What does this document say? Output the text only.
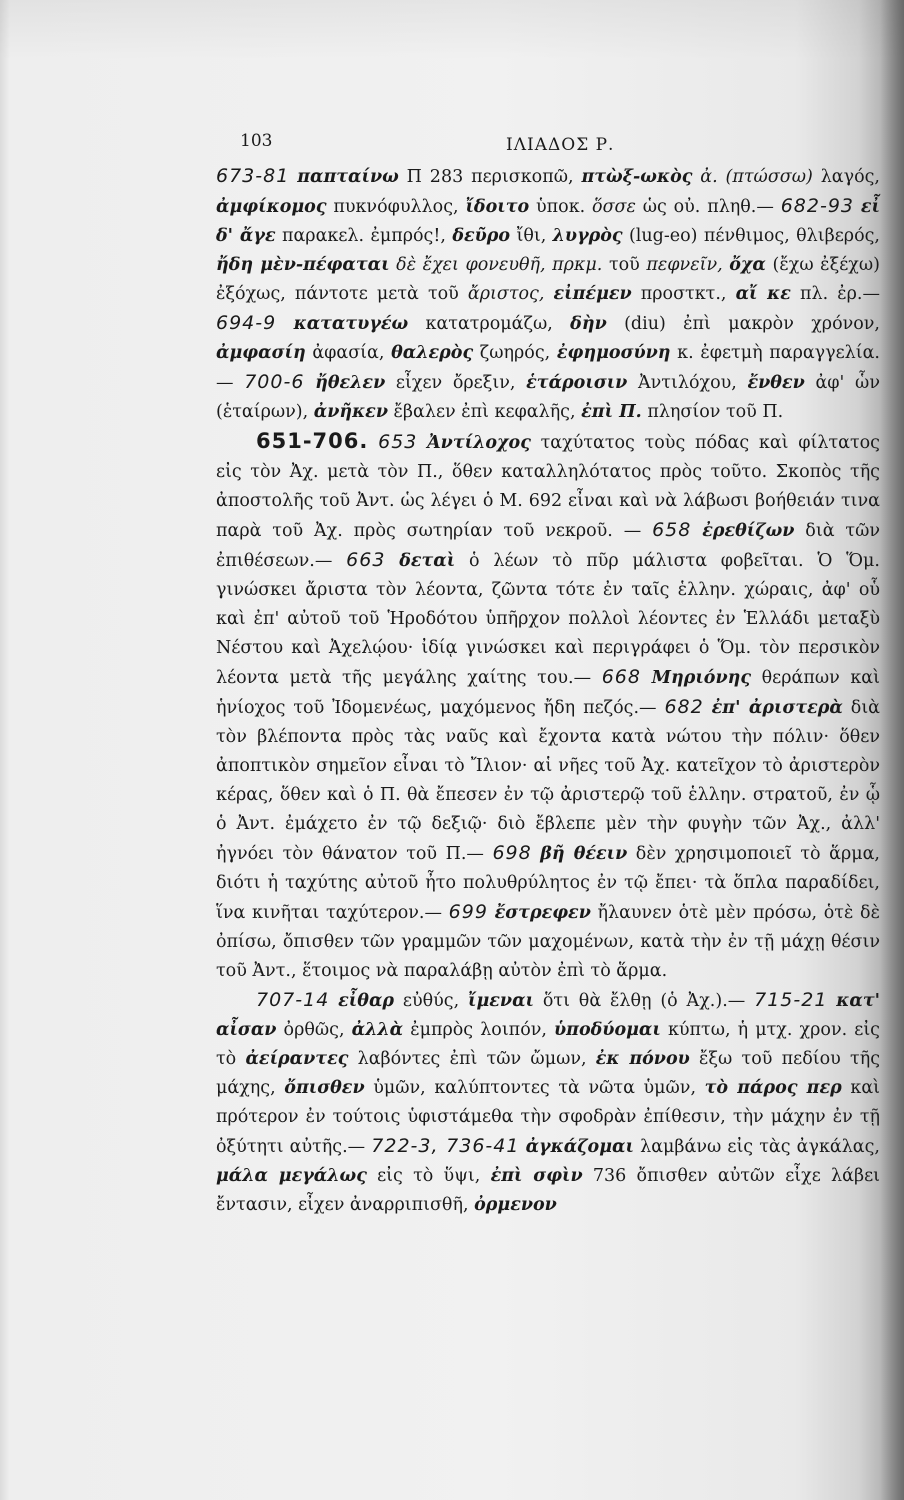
103	ΙΛΙΑΔΟΣ Ρ.

673-81 παπταίνω Π 283 περισκοπῶ, πτὼξ-ωκὸς ἀ. (πτώσσω) λαγός, ἀμφίκομος πυκνόφυλλος, ἴδοιτο ὑποκ. ὅσσε ὡς οὐ. πληθ.— 682-93 εἶ δ' ἄγε παρακελ. ἐμπρός!, δεῦρο ἴθι, λυγρὸς (lug-eo) πένθιμος, θλιβερός, ἤδη μὲν-πέφαται δὲ ἔχει φονευθῆ, πρκμ. τοῦ πεφνεῖν, ὄχα (ἔχω ἐξέχω) ἐξόχως, πάντοτε μετὰ τοῦ ἄριστος, εἰπέμεν προστκτ., αἴ κε πλ. ἐρ.— 694-9 κατατυγέω κατατρομάζω, δὴν (diu) ἐπὶ μακρὸν χρόνον, ἀμφασίη ἀφασία, θαλερὸς ζωηρός, ἐφημοσύνη κ. ἐφετμὴ παραγγελία.— 700-6 ἤθελεν εἶχεν ὄρεξιν, ἑτάροισιν Ἀντιλόχου, ἔνθεν ἀφ' ὧν (ἑταίρων), ἀνῆκεν ἔβαλεν ἐπὶ κεφαλῆς, ἐπὶ Π. πλησίον τοῦ Π.

651-706. 653 Ἀντίλοχος ταχύτατος τοὺς πόδας καὶ φίλτατος εἰς τὸν Ἀχ. μετὰ τὸν Π., ὅθεν καταλληλότατος πρὸς τοῦτο. Σκοπὸς τῆς ἀποστολῆς τοῦ Ἀντ. ὡς λέγει ὁ Μ. 692 εἶναι καὶ νὰ λάβωσι βοήθειάν τινα παρὰ τοῦ Ἀχ. πρὸς σωτηρίαν τοῦ νεκροῦ. — 658 ἐρεθίζων διὰ τῶν ἐπιθέσεων.— 663 δεταὶ ὁ λέων τὸ πῦρ μάλιστα φοβεῖται. Ὁ Ὅμ. γινώσκει ἄριστα τὸν λέοντα, ζῶντα τότε ἐν ταῖς ἑλλην. χώραις, ἀφ' οὗ καὶ ἐπ' αὐτοῦ τοῦ Ἡροδότου ὑπῆρχον πολλοὶ λέοντες ἐν Ἑλλάδι μεταξὺ Νέστου καὶ Ἀχελῴου· ἰδίᾳ γινώσκει καὶ περιγράφει ὁ Ὅμ. τὸν περσικὸν λέοντα μετὰ τῆς μεγάλης χαίτης του.— 668 Μηριόνης θεράπων καὶ ἡνίοχος τοῦ Ἰδομενέως, μαχόμενος ἤδη πεζός.— 682 ἐπ' ἀριστερὰ διὰ τὸν βλέποντα πρὸς τὰς ναῦς καὶ ἔχοντα κατὰ νώτου τὴν πόλιν· ὅθεν ἀποπτικὸν σημεῖον εἶναι τὸ Ἴλιον· αἱ νῆες τοῦ Ἀχ. κατεῖχον τὸ ἀριστερὸν κέρας, ὅθεν καὶ ὁ Π. θὰ ἔπεσεν ἐν τῷ ἀριστερῷ τοῦ ἑλλην. στρατοῦ, ἐν ᾧ ὁ Ἀντ. ἐμάχετο ἐν τῷ δεξιῷ· διὸ ἔβλεπε μὲν τὴν φυγὴν τῶν Ἀχ., ἀλλ' ἠγνόει τὸν θάνατον τοῦ Π.— 698 βῆ θέειν δὲν χρησιμοποιεῖ τὸ ἅρμα, διότι ἡ ταχύτης αὐτοῦ ἦτο πολυθρύλητος ἐν τῷ ἔπει· τὰ ὅπλα παραδίδει, ἵνα κινῆται ταχύτερον.— 699 ἔστρεφεν ἤλαυνεν ὁτὲ μὲν πρόσω, ὁτὲ δὲ ὀπίσω, ὄπισθεν τῶν γραμμῶν τῶν μαχομένων, κατὰ τὴν ἐν τῇ μάχῃ θέσιν τοῦ Ἀντ., ἕτοιμος νὰ παραλάβῃ αὐτὸν ἐπὶ τὸ ἅρμα.

707-14 εἶθαρ εὐθύς, ἴμεναι ὅτι θὰ ἔλθῃ (ὁ Ἀχ.).— 715-21 κατ' αἶσαν ὀρθῶς, ἀλλὰ ἐμπρὸς λοιπόν, ὑποδύομαι κύπτω, ἡ μτχ. χρον. εἰς τὸ ἀείραντες λαβόντες ἐπὶ τῶν ὤμων, ἐκ πόνου ἔξω τοῦ πεδίου τῆς μάχης, ὄπισθεν ὑμῶν, καλύπτοντες τὰ νῶτα ὑμῶν, τὸ πάρος περ καὶ πρότερον ἐν τούτοις ὑφιστάμεθα τὴν σφοδρὰν ἐπίθεσιν, τὴν μάχην ἐν τῇ ὀξύτητι αὐτῆς.— 722-3, 736-41 ἀγκάζομαι λαμβάνω εἰς τὰς ἀγκάλας, μάλα μεγάλως εἰς τὸ ὕψι, ἐπὶ σφὶν 736 ὄπισθεν αὐτῶν εἶχε λάβει ἔντασιν, εἶχεν ἀναρριπισθῆ, ὀρμενον
